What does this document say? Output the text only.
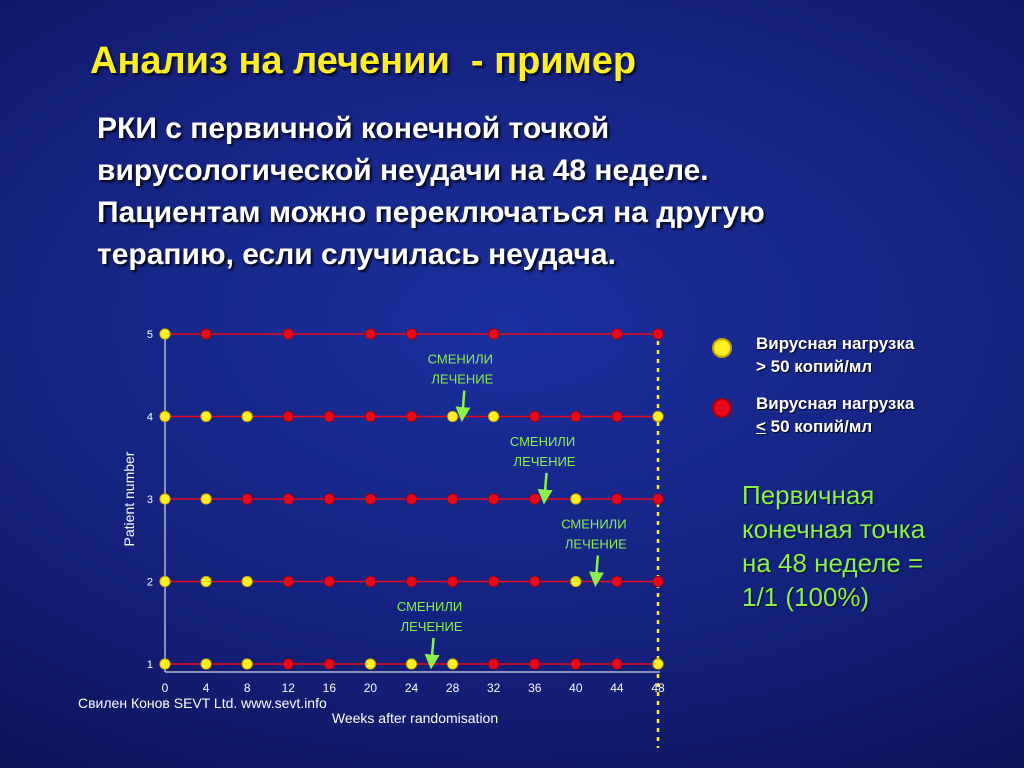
Анализ на лечении  - пример
РКИ с первичной конечной точкой
вирусологической неудачи на 48 неделе.
Пациентам можно переключаться на другую
терапию, если случилась неудача.
СМЕНИЛИ
ЛЕЧЕНИЕ
СМЕНИЛИ
ЛЕЧЕНИЕ
СМЕНИЛИ
ЛЕЧЕНИЕ
СМЕНИЛИ
ЛЕЧЕНИЕ
1
2
3
4
5
0	4	8	12 16 20 24 28 32 36 40 44 48
Weeks after randomisation
Patient number
Вирусная нагрузка
> 50 копий/мл
Вирусная нагрузка
< 50 копий/мл
Первичная
конечная точка
на 48 неделе =
1/1 (100%)

Свилен Конов SEVT Ltd. www.sevt.info
